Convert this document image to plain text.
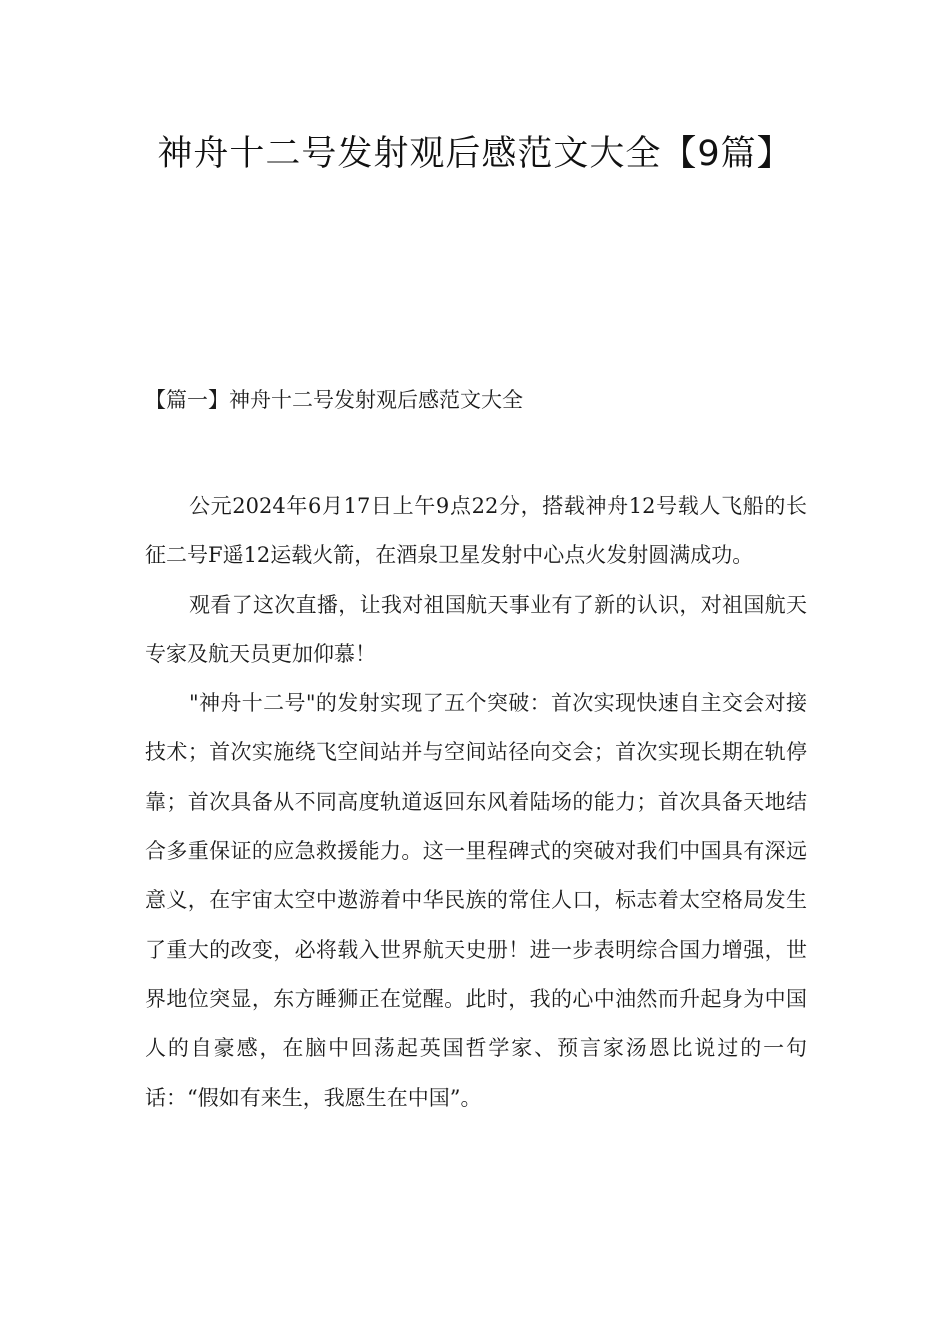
神舟十二号发射观后感范文大全【9篇】
【篇一】神舟十二号发射观后感范文大全

公元2024年6月17日上午9点22分，搭载神舟12号载人飞船的长征二号F遥12运载火箭，在酒泉卫星发射中心点火发射圆满成功。

观看了这次直播，让我对祖国航天事业有了新的认识，对祖国航天专家及航天员更加仰慕！

"神舟十二号"的发射实现了五个突破：首次实现快速自主交会对接技术；首次实施绕飞空间站并与空间站径向交会；首次实现长期在轨停靠；首次具备从不同高度轨道返回东风着陆场的能力；首次具备天地结合多重保证的应急救援能力。这一里程碑式的突破对我们中国具有深远意义，在宇宙太空中遨游着中华民族的常住人口，标志着太空格局发生了重大的改变，必将载入世界航天史册！进一步表明综合国力增强，世界地位突显，东方睡狮正在觉醒。此时，我的心中油然而升起身为中国人的自豪感，在脑中回荡起英国哲学家、预言家汤恩比说过的一句话：“假如有来生，我愿生在中国”。
